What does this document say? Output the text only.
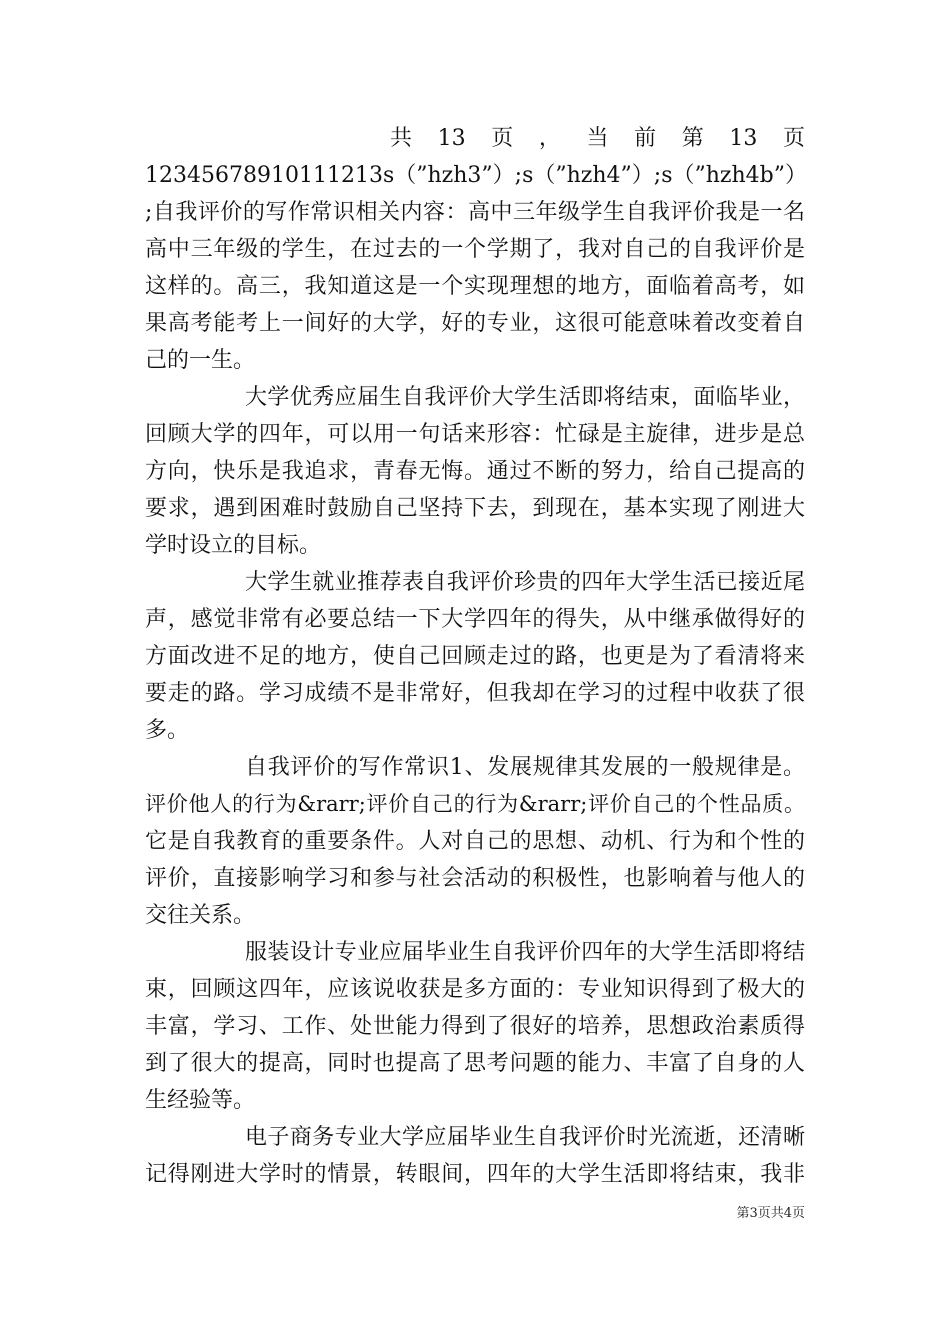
共 13 页 ， 当 前 第 13 页
12345678910111213s（”hzh3”）;s（”hzh4”）;s（”hzh4b”）
;自我评价的写作常识相关内容：高中三年级学生自我评价我是一名
高中三年级的学生，在过去的一个学期了，我对自己的自我评价是
这样的。高三，我知道这是一个实现理想的地方，面临着高考，如
果高考能考上一间好的大学，好的专业，这很可能意味着改变着自
己的一生。
大学优秀应届生自我评价大学生活即将结束，面临毕业，
回顾大学的四年，可以用一句话来形容：忙碌是主旋律，进步是总
方向，快乐是我追求，青春无悔。通过不断的努力，给自己提高的
要求，遇到困难时鼓励自己坚持下去，到现在，基本实现了刚进大
学时设立的目标。
大学生就业推荐表自我评价珍贵的四年大学生活已接近尾
声，感觉非常有必要总结一下大学四年的得失，从中继承做得好的
方面改进不足的地方，使自己回顾走过的路，也更是为了看清将来
要走的路。学习成绩不是非常好，但我却在学习的过程中收获了很
多。
自我评价的写作常识1、发展规律其发展的一般规律是。
评价他人的行为&rarr;评价自己的行为&rarr;评价自己的个性品质。
它是自我教育的重要条件。人对自己的思想、动机、行为和个性的
评价，直接影响学习和参与社会活动的积极性，也影响着与他人的
交往关系。
服装设计专业应届毕业生自我评价四年的大学生活即将结
束，回顾这四年，应该说收获是多方面的：专业知识得到了极大的
丰富，学习、工作、处世能力得到了很好的培养，思想政治素质得
到了很大的提高，同时也提高了思考问题的能力、丰富了自身的人
生经验等。
电子商务专业大学应届毕业生自我评价时光流逝，还清晰
记得刚进大学时的情景，转眼间，四年的大学生活即将结束，我非
第3页共4页
